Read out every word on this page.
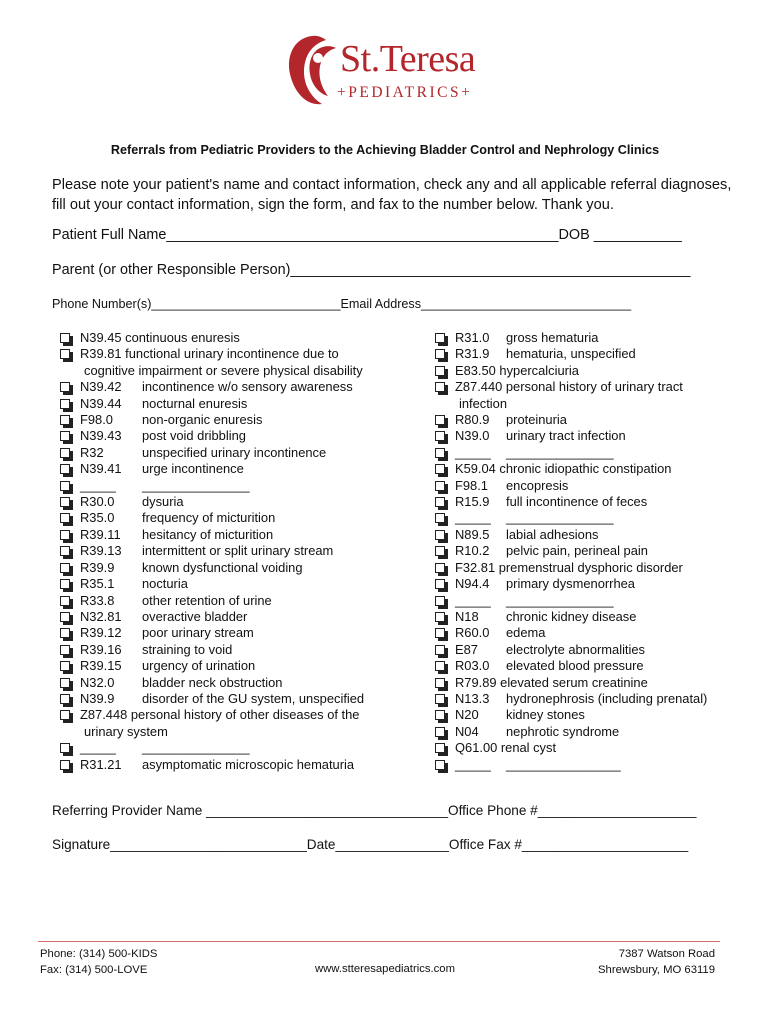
St.Teresa
+PEDIATRICS+
Referrals from Pediatric Providers to the Achieving Bladder Control and Nephrology Clinics
Please note your patient's name and contact information, check any and all applicable referral diagnoses, fill out your contact information, sign the form, and fax to the number below. Thank you.
Patient Full Name_________________________________________________DOB ___________
Parent (or other Responsible Person)__________________________________________________
Phone Number(s)___________________________Email Address______________________________
N39.45 continuous enuresis
R39.81 functional urinary incontinence due to
cognitive impairment or severe physical disability
N39.42	incontinence w/o sensory awareness
N39.44	nocturnal enuresis
F98.0	non-organic enuresis
N39.43	post void dribbling
R32	unspecified urinary incontinence
N39.41	urge incontinence
_____	_______________
R30.0	dysuria
R35.0	frequency of micturition
R39.11	hesitancy of micturition
R39.13	intermittent or split urinary stream
R39.9	known dysfunctional voiding
R35.1	nocturia
R33.8	other retention of urine
N32.81	overactive bladder
R39.12	poor urinary stream
R39.16	straining to void
R39.15	urgency of urination
N32.0	bladder neck obstruction
N39.9	disorder of the GU system, unspecified
Z87.448 personal history of other diseases of the
urinary system
_____	_______________
R31.21	asymptomatic microscopic hematuria
R31.0	gross hematuria
R31.9	hematuria, unspecified
E83.50 hypercalciuria
Z87.440 personal history of urinary tract
infection
R80.9	proteinuria
N39.0	urinary tract infection
_____	_______________
K59.04 chronic idiopathic constipation
F98.1	encopresis
R15.9	full incontinence of feces
_____	_______________
N89.5	labial adhesions
R10.2	pelvic pain, perineal pain
F32.81 premenstrual dysphoric disorder
N94.4	primary dysmenorrhea
_____	_______________
N18	chronic kidney disease
R60.0	edema
E87	electrolyte abnormalities
R03.0	elevated blood pressure
R79.89 elevated serum creatinine
N13.3	hydronephrosis (including prenatal)
N20	kidney stones
N04	nephrotic syndrome
Q61.00 renal cyst
_____	________________
Referring Provider Name ________________________________Office Phone #_____________________
Signature__________________________Date_______________Office Fax #______________________
Phone: (314) 500-KIDS
Fax: (314) 500-LOVE	www.stteresapediatrics.com
7387 Watson Road
Shrewsbury, MO 63119
